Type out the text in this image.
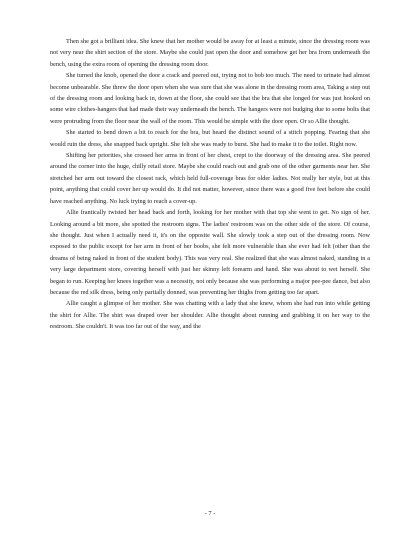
Then she got a brilliant idea. She knew that her mother would be away for at least a minute, since the dressing room was not very near the shirt section of the store. Maybe she could just open the door and somehow get her bra from underneath the bench, using the extra room of opening the dressing room door.

She turned the knob, opened the door a crack and peered out, trying not to bob too much. The need to urinate had almost become unbearable. She threw the door open when she was sure that she was alone in the dressing room area, Taking a step out of the dressing room and looking back in, down at the floor, she could see that the bra that she longed for was just hooked on some wire clothes-hangers that had made their way underneath the bench. The hangers were not budging due to some bolts that were protruding from the floor near the wall of the room. This would be simple with the door open. Or so Allie thought.

She started to bend down a bit to reach for the bra, but heard the distinct sound of a stitch popping. Fearing that she would ruin the dress, she snapped back upright. She felt she was ready to burst. She had to make it to the toilet. Right now.

Shifting her priorities, she crossed her arms in front of her chest, crept to the doorway of the dressing area. She peered around the corner into the huge, chilly retail store. Maybe she could reach out and grab one of the other garments near her. She stretched her arm out toward the closest rack, which held full-coverage bras for older ladies. Not really her style, but at this point, anything that could cover her up would do. It did not matter, however, since there was a good five feet before she could have reached anything. No luck trying to reach a cover-up.

Allie frantically twisted her head back and forth, looking for her mother with that top she went to get. No sign of her. Looking around a bit more, she spotted the restroom signs. The ladies' restroom was on the other side of the store. Of course, she thought. Just when I actually need it, it's on the opposite wall. She slowly took a step out of the dressing room. Now exposed to the public except for her arm in front of her boobs, she felt more vulnerable than she ever had felt (other than the dreams of being naked in front of the student body). This was very real. She realized that she was almost naked, standing in a very large department store, covering herself with just her skinny left forearm and hand. She was about to wet herself. She began to run. Keeping her knees together was a necessity, not only because she was performing a major pee-pee dance, but also because the red silk dress, being only partially donned, was preventing her thighs from getting too far apart.

Allie caught a glimpse of her mother. She was chatting with a lady that she knew, whom she had run into while getting the shirt for Allie. The shirt was draped over her shoulder. Allie thought about running and grabbing it on her way to the restroom. She couldn't. It was too far out of the way, and the

- 7 -
